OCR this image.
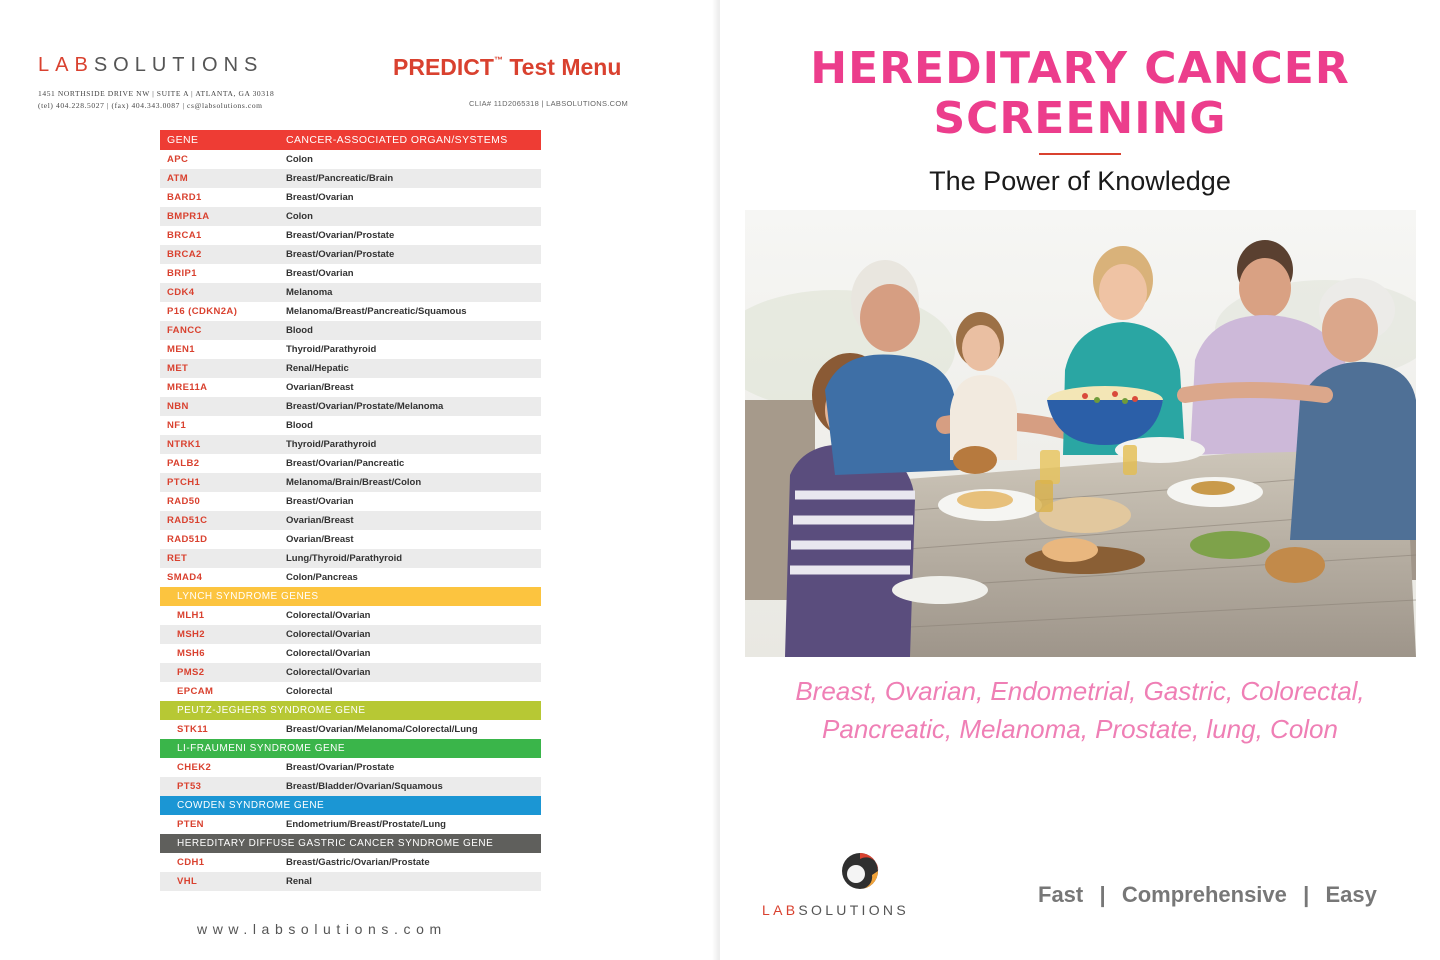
LABSOLUTIONS
1451 NORTHSIDE DRIVE NW | SUITE A | ATLANTA, GA 30318
(tel) 404.228.5027 | (fax) 404.343.0087 | cs@labsolutions.com
PREDICT™ Test Menu
CLIA# 11D2065318 | LABSOLUTIONS.COM
GENE	CANCER-ASSOCIATED ORGAN/SYSTEMS
APC	Colon
ATM	Breast/Pancreatic/Brain
BARD1	Breast/Ovarian
BMPR1A	Colon
BRCA1	Breast/Ovarian/Prostate
BRCA2	Breast/Ovarian/Prostate
BRIP1	Breast/Ovarian
CDK4	Melanoma
P16 (CDKN2A)	Melanoma/Breast/Pancreatic/Squamous
FANCC	Blood
MEN1	Thyroid/Parathyroid
MET	Renal/Hepatic
MRE11A	Ovarian/Breast
NBN	Breast/Ovarian/Prostate/Melanoma
NF1	Blood
NTRK1	Thyroid/Parathyroid
PALB2	Breast/Ovarian/Pancreatic
PTCH1	Melanoma/Brain/Breast/Colon
RAD50	Breast/Ovarian
RAD51C	Ovarian/Breast
RAD51D	Ovarian/Breast
RET	Lung/Thyroid/Parathyroid
SMAD4	Colon/Pancreas
LYNCH SYNDROME GENES
MLH1	Colorectal/Ovarian
MSH2	Colorectal/Ovarian
MSH6	Colorectal/Ovarian
PMS2	Colorectal/Ovarian
EPCAM	Colorectal
PEUTZ-JEGHERS SYNDROME GENE
STK11	Breast/Ovarian/Melanoma/Colorectal/Lung
LI-FRAUMENI SYNDROME GENE
CHEK2	Breast/Ovarian/Prostate
PT53	Breast/Bladder/Ovarian/Squamous
COWDEN SYNDROME GENE
PTEN	Endometrium/Breast/Prostate/Lung
HEREDITARY DIFFUSE GASTRIC CANCER SYNDROME GENE
CDH1	Breast/Gastric/Ovarian/Prostate
VHL	Renal
www.labsolutions.com
HEREDITARY CANCER
SCREENING
The Power of Knowledge
Breast, Ovarian, Endometrial, Gastric, Colorectal,
Pancreatic, Melanoma, Prostate, lung, Colon
LABSOLUTIONS
Fast  |  Comprehensive  |  Easy
